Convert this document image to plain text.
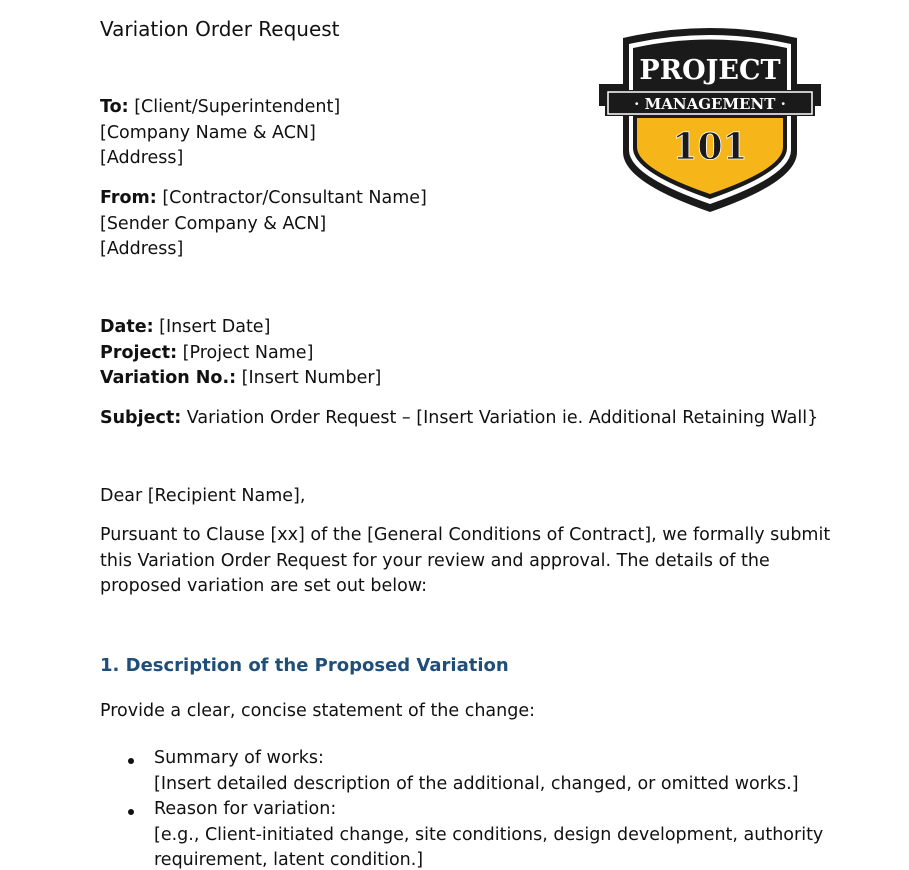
Variation Order Request
PROJECT
· MANAGEMENT ·
101
To: [Client/Superintendent]
[Company Name & ACN]
[Address]
From: [Contractor/Consultant Name]
[Sender Company & ACN]
[Address]
Date: [Insert Date]
Project: [Project Name]
Variation No.: [Insert Number]
Subject: Variation Order Request – [Insert Variation ie. Additional Retaining Wall}
Dear [Recipient Name],
Pursuant to Clause [xx] of the [General Conditions of Contract], we formally submit
this Variation Order Request for your review and approval. The details of the
proposed variation are set out below:
1. Description of the Proposed Variation
Provide a clear, concise statement of the change:
Summary of works:
[Insert detailed description of the additional, changed, or omitted works.]
Reason for variation:
[e.g., Client-initiated change, site conditions, design development, authority
requirement, latent condition.]
